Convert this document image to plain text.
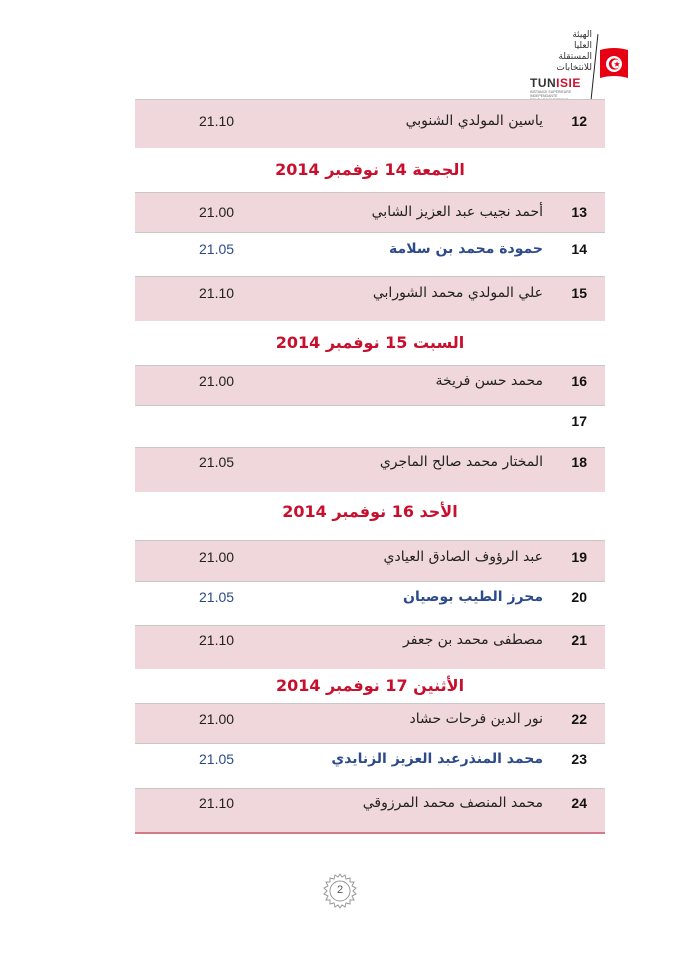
الهيئة
العليا
المستقلة
للانتخابات
TUNISIE
INSTANCE SUPERIEURE
INDEPENDANTE
12
ياسين المولدي الشنوبي
21.10
الجمعة 14 نوفمبر 2014
13
أحمد نجيب عبد العزيز الشابي
21.00
14
حمودة محمد بن سلامة
21.05
15
علي المولدي محمد الشورابي
21.10
السبت 15 نوفمبر 2014
16
محمد حسن فريخة
21.00
17
18
المختار محمد صالح الماجري
21.05
الأحد 16 نوفمبر 2014
19
عبد الرؤوف الصادق العيادي
21.00
20
محرز الطيب بوصيان
21.05
21
مصطفى محمد بن جعفر
21.10
الأثنين 17 نوفمبر 2014
22
نور الدين فرحات حشاد
21.00
23
محمد المنذرعبد العزيز الزنايدي
21.05
24
محمد المنصف محمد المرزوقي
21.10
2
